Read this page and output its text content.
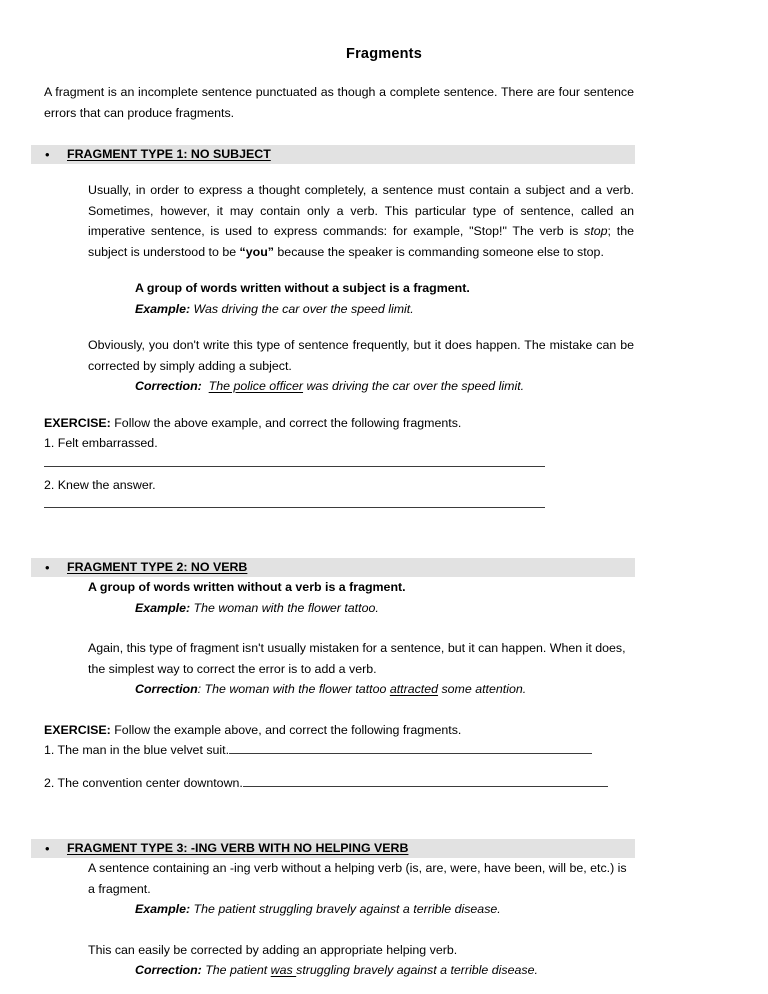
Fragments

A fragment is an incomplete sentence punctuated as though a complete sentence. There are four sentence errors that can produce fragments.

• FRAGMENT TYPE 1: NO SUBJECT

Usually, in order to express a thought completely, a sentence must contain a subject and a verb. Sometimes, however, it may contain only a verb. This particular type of sentence, called an imperative sentence, is used to express commands: for example, "Stop!" The verb is stop; the subject is understood to be “you” because the speaker is commanding someone else to stop.

A group of words written without a subject is a fragment.

Example: Was driving the car over the speed limit.

Obviously, you don't write this type of sentence frequently, but it does happen. The mistake can be corrected by simply adding a subject.

Correction: The police officer was driving the car over the speed limit.

EXERCISE: Follow the above example, and correct the following fragments.

1. Felt embarrassed.

2. Knew the answer.

• FRAGMENT TYPE 2: NO VERB

A group of words written without a verb is a fragment.

Example: The woman with the flower tattoo.

Again, this type of fragment isn't usually mistaken for a sentence, but it can happen. When it does, the simplest way to correct the error is to add a verb.

Correction: The woman with the flower tattoo attracted some attention.

EXERCISE: Follow the example above, and correct the following fragments.

1. The man in the blue velvet suit.

2. The convention center downtown.

• FRAGMENT TYPE 3: -ING VERB WITH NO HELPING VERB

A sentence containing an -ing verb without a helping verb (is, are, were, have been, will be, etc.) is a fragment.

Example: The patient struggling bravely against a terrible disease.

This can easily be corrected by adding an appropriate helping verb.

Correction: The patient was struggling bravely against a terrible disease.
